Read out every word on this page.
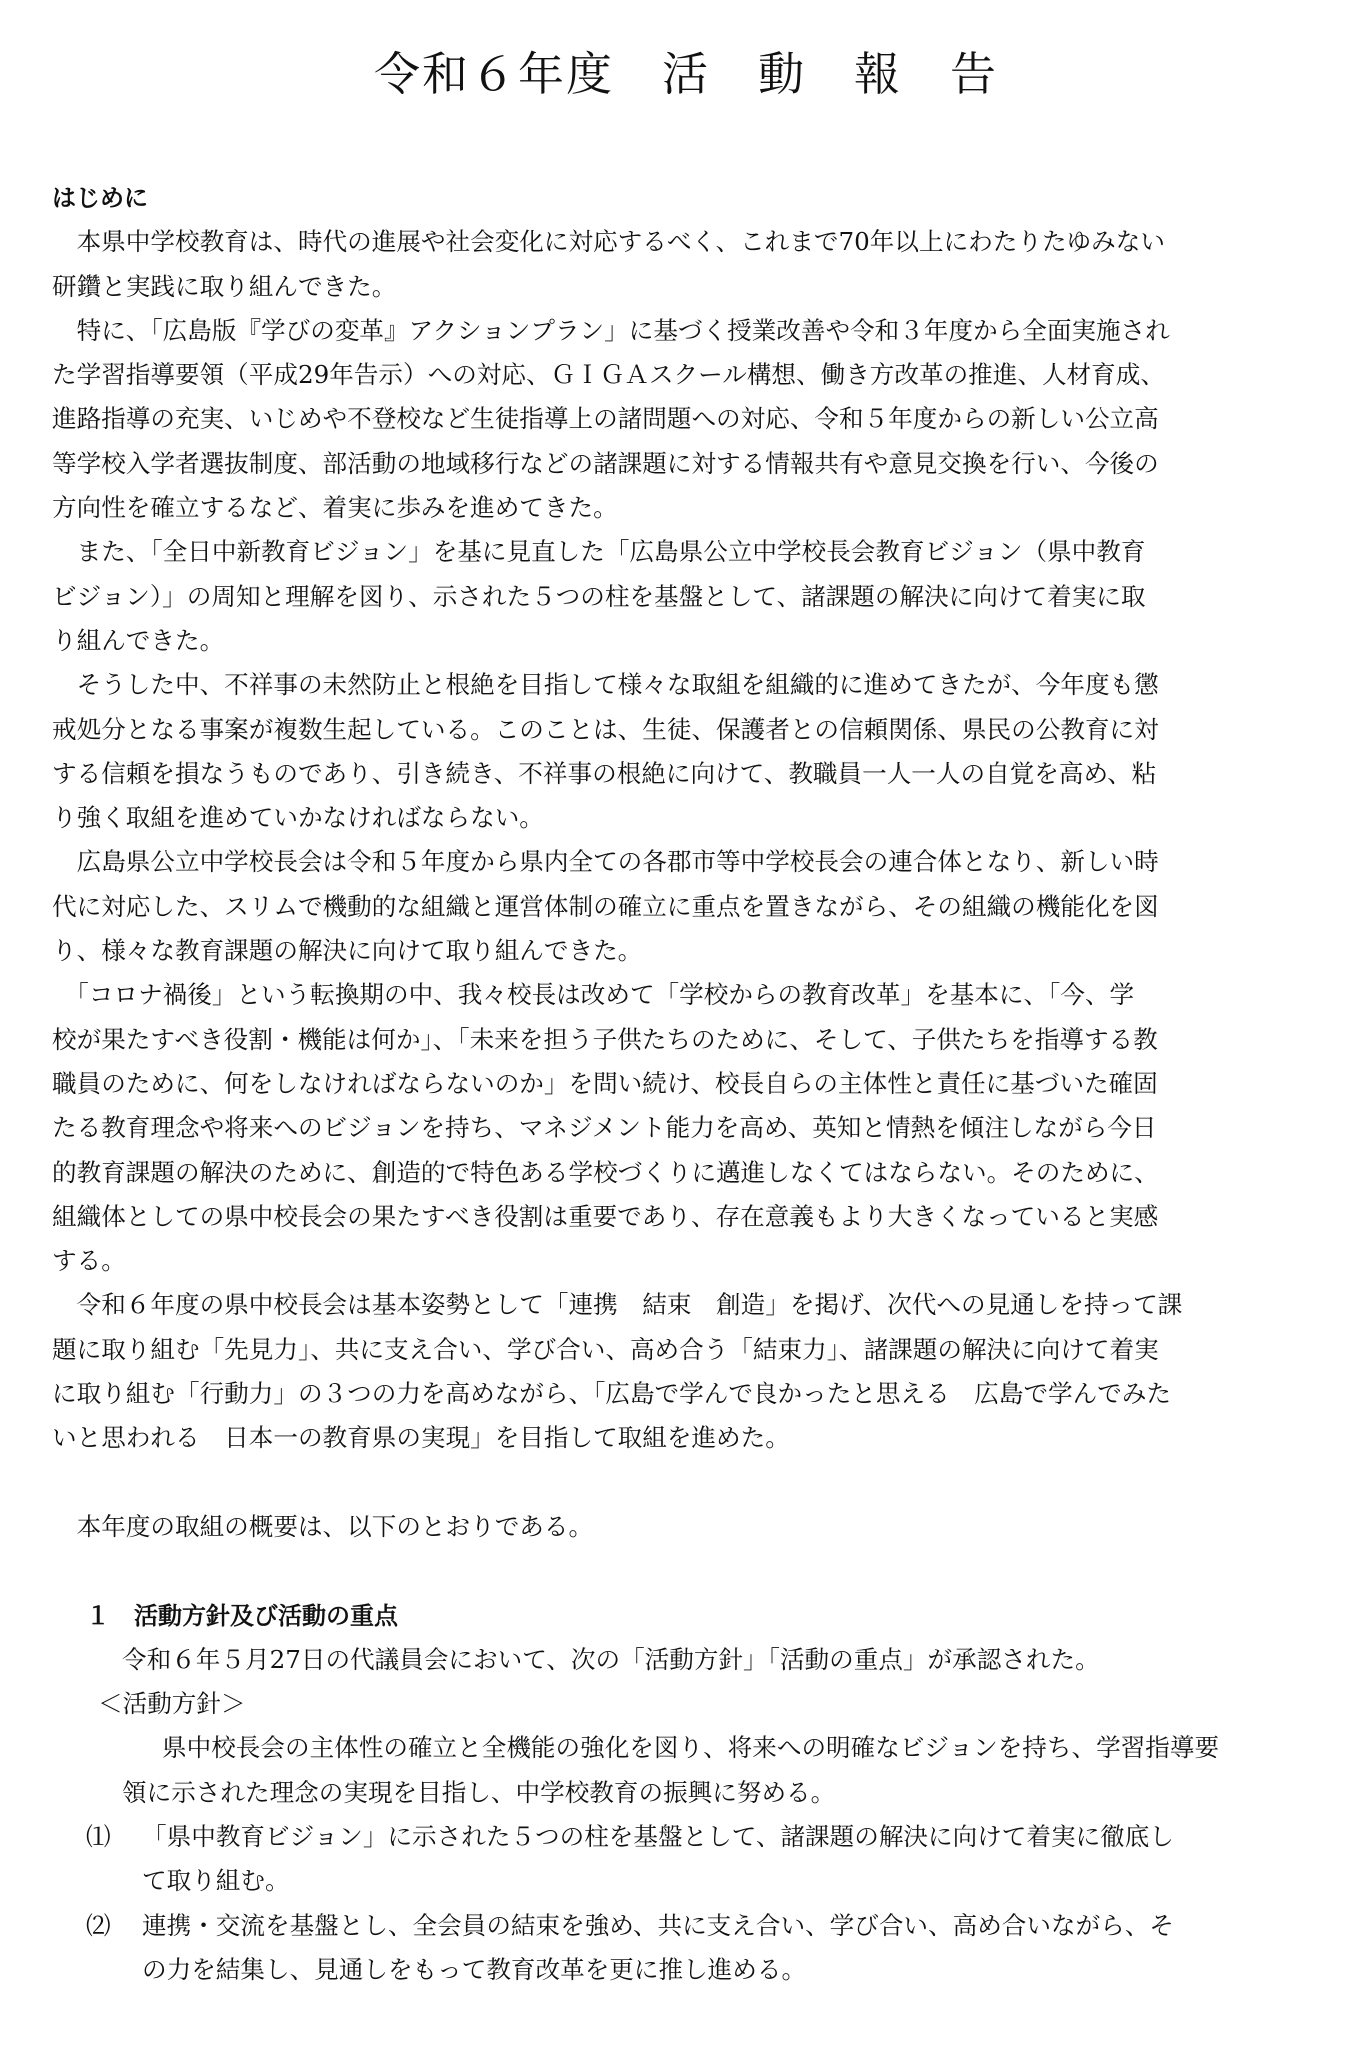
令和６年度　活　動　報　告
はじめに
　本県中学校教育は、時代の進展や社会変化に対応するべく、これまで70年以上にわたりたゆみない
研鑽と実践に取り組んできた。
　特に、「広島版『学びの変革』アクションプラン」に基づく授業改善や令和３年度から全面実施され
た学習指導要領（平成29年告示）への対応、ＧＩＧＡスクール構想、働き方改革の推進、人材育成、
進路指導の充実、いじめや不登校など生徒指導上の諸問題への対応、令和５年度からの新しい公立高
等学校入学者選抜制度、部活動の地域移行などの諸課題に対する情報共有や意見交換を行い、今後の
方向性を確立するなど、着実に歩みを進めてきた。
　また、「全日中新教育ビジョン」を基に見直した「広島県公立中学校長会教育ビジョン（県中教育
ビジョン）」の周知と理解を図り、示された５つの柱を基盤として、諸課題の解決に向けて着実に取
り組んできた。
　そうした中、不祥事の未然防止と根絶を目指して様々な取組を組織的に進めてきたが、今年度も懲
戒処分となる事案が複数生起している。このことは、生徒、保護者との信頼関係、県民の公教育に対
する信頼を損なうものであり、引き続き、不祥事の根絶に向けて、教職員一人一人の自覚を高め、粘
り強く取組を進めていかなければならない。
　広島県公立中学校長会は令和５年度から県内全ての各郡市等中学校長会の連合体となり、新しい時
代に対応した、スリムで機動的な組織と運営体制の確立に重点を置きながら、その組織の機能化を図
り、様々な教育課題の解決に向けて取り組んできた。
　「コロナ禍後」という転換期の中、我々校長は改めて「学校からの教育改革」を基本に、「今、学
校が果たすべき役割・機能は何か」、「未来を担う子供たちのために、そして、子供たちを指導する教
職員のために、何をしなければならないのか」を問い続け、校長自らの主体性と責任に基づいた確固
たる教育理念や将来へのビジョンを持ち、マネジメント能力を高め、英知と情熱を傾注しながら今日
的教育課題の解決のために、創造的で特色ある学校づくりに邁進しなくてはならない。そのために、
組織体としての県中校長会の果たすべき役割は重要であり、存在意義もより大きくなっていると実感
する。
　令和６年度の県中校長会は基本姿勢として「連携　結束　創造」を掲げ、次代への見通しを持って課
題に取り組む「先見力」、共に支え合い、学び合い、高め合う「結束力」、諸課題の解決に向けて着実
に取り組む「行動力」の３つの力を高めながら、「広島で学んで良かったと思える　広島で学んでみた
いと思われる　日本一の教育県の実現」を目指して取組を進めた。
　本年度の取組の概要は、以下のとおりである。
１　活動方針及び活動の重点
令和６年５月27日の代議員会において、次の「活動方針」「活動の重点」が承認された。
＜活動方針＞
県中校長会の主体性の確立と全機能の強化を図り、将来への明確なビジョンを持ち、学習指導要
領に示された理念の実現を目指し、中学校教育の振興に努める。
⑴ 「県中教育ビジョン」に示された５つの柱を基盤として、諸課題の解決に向けて着実に徹底し
て取り組む。
⑵ 連携・交流を基盤とし、全会員の結束を強め、共に支え合い、学び合い、高め合いながら、そ
の力を結集し、見通しをもって教育改革を更に推し進める。
